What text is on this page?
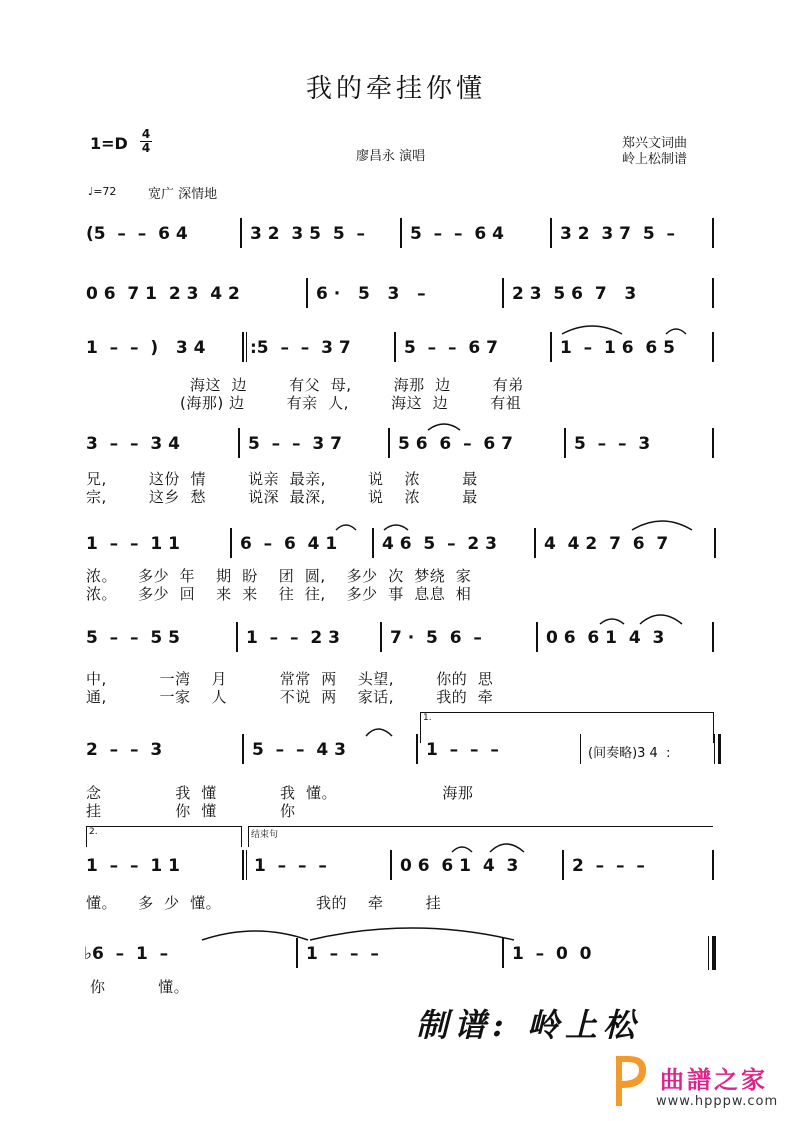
我的牵挂你懂
1=D 4
4
廖昌永 演唱
郑兴文词曲
岭上松制谱
♩=72 宽广 深情地
(5  –  –  6 4	3 2  3 5  5  –	5  –  –  6 4	3 2  3 7  5  –
0 6  7 1  2 3  4 2	6 ·   5   3   –	2 3  5 6  7   3
1  –  –  )   3 4	:5  –  –  3 7	5  –  –  6 7	1  –  1 6  6 5
海这  边        有父  母,        海那  边        有弟
(海那) 边        有亲  人,        海这  边        有祖
3  –  –  3 4	5  –  –  3 7	5 6  6  –  6 7	5  –  –  3
兄,        这份  情        说亲  最亲,        说    浓        最
宗,        这乡  愁        说深  最深,        说    浓        最
1  –  –  1 1	6  –  6  4 1	4 6  5  –  2 3	4  4 2  7  6  7
浓。    多少  年    期  盼    团  圆,    多少  次  梦绕  家
浓。    多少  回    来  来    往  往,    多少  事  息息  相
5  –  –  5 5	1  –  –  2 3	7 ·  5  6  –	0 6  6 1  4  3
中,          一湾    月          常常  两    头望,        你的  思
通,          一家    人          不说  两    家话,        我的  牵
1.
2  –  –  3	5  –  –  4 3	1  –  –  –	(间奏略)3 4  :
念              我  懂            我  懂。                    海那
挂              你  懂            你
2.	结束句
1  –  –  1 1	1  –  –  –	0 6  6 1  4  3	2  –  –  –
懂。    多  少  懂。                  我的    牵        挂
♭6  –  1  –	1  –  –  –	1  –  0  0
你          懂。
制谱: 岭上松
曲譜之家
www.hpppw.com
